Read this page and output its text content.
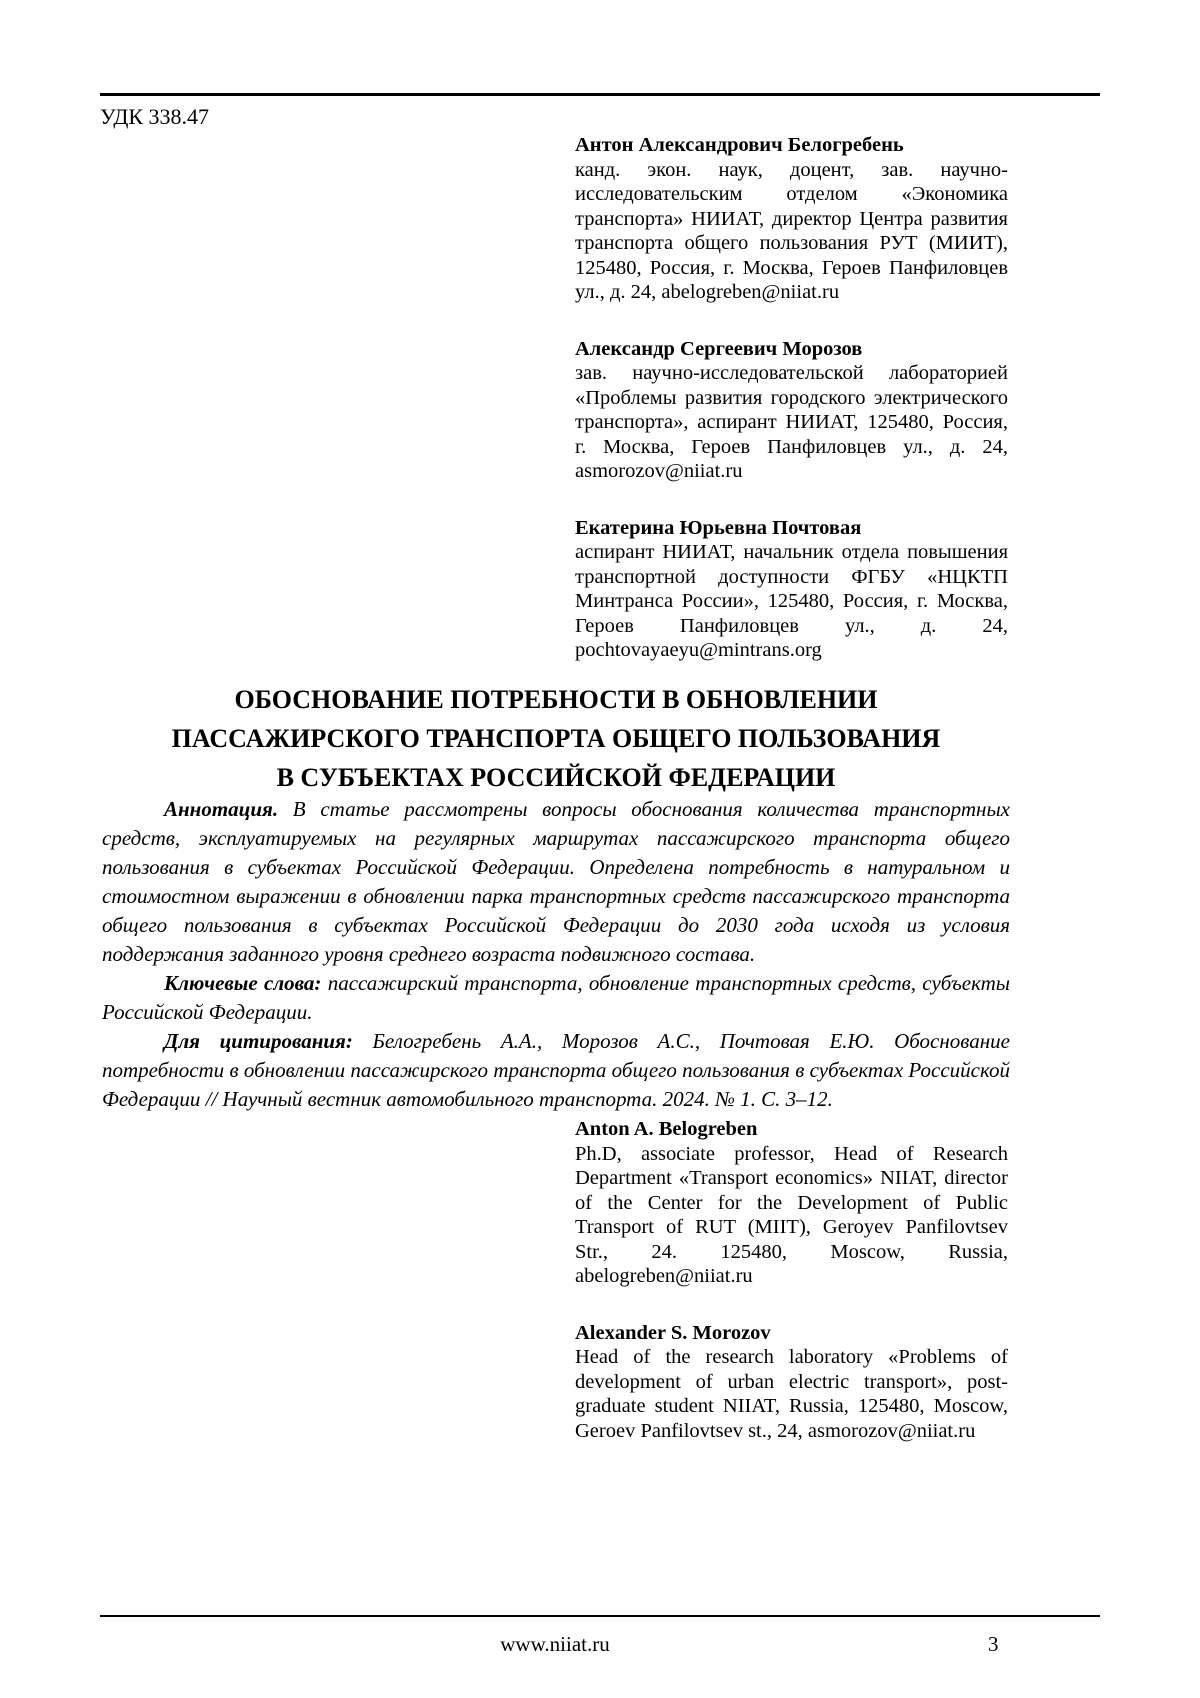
УДК 338.47
Антон Александрович Белогребень
канд. экон. наук, доцент, зав. научно-исследовательским отделом «Экономика транспорта» НИИАТ, директор Центра развития транспорта общего пользования РУТ (МИИТ), 125480, Россия, г. Москва, Героев Панфиловцев ул., д. 24, abelogreben@niiat.ru
Александр Сергеевич Морозов
зав. научно-исследовательской лабораторией «Проблемы развития городского электрического транспорта», аспирант НИИАТ, 125480, Россия, г. Москва, Героев Панфиловцев ул., д. 24, asmorozov@niiat.ru
Екатерина Юрьевна Почтовая
аспирант НИИАТ, начальник отдела повышения транспортной доступности ФГБУ «НЦКТП Минтранса России», 125480, Россия, г. Москва, Героев Панфиловцев ул., д. 24, pochtovayaeyu@mintrans.org
ОБОСНОВАНИЕ ПОТРЕБНОСТИ В ОБНОВЛЕНИИ
ПАССАЖИРСКОГО ТРАНСПОРТА ОБЩЕГО ПОЛЬЗОВАНИЯ
В СУБЪЕКТАХ РОССИЙСКОЙ ФЕДЕРАЦИИ

Аннотация. В статье рассмотрены вопросы обоснования количества транспортных средств, эксплуатируемых на регулярных маршрутах пассажирского транспорта общего пользования в субъектах Российской Федерации. Определена потребность в натуральном и стоимостном выражении в обновлении парка транспортных средств пассажирского транспорта общего пользования в субъектах Российской Федерации до 2030 года исходя из условия поддержания заданного уровня среднего возраста подвижного состава.

Ключевые слова: пассажирский транспорта, обновление транспортных средств, субъекты Российской Федерации.

Для цитирования: Белогребень А.А., Морозов А.С., Почтовая Е.Ю. Обоснование потребности в обновлении пассажирского транспорта общего пользования в субъектах Российской Федерации // Научный вестник автомобильного транспорта. 2024. № 1. С. 3–12.

Anton A. Belogreben
Ph.D, associate professor, Head of Research Department «Transport economics» NIIAT, director of the Center for the Development of Public Transport of RUT (MIIT), Geroyev Panfilovtsev Str., 24. 125480, Moscow, Russia, abelogreben@niiat.ru
Alexander S. Morozov
Head of the research laboratory «Problems of development of urban electric transport», post-graduate student NIIAT, Russia, 125480, Moscow, Geroev Panfilovtsev st., 24, asmorozov@niiat.ru
www.niiat.ru	3
